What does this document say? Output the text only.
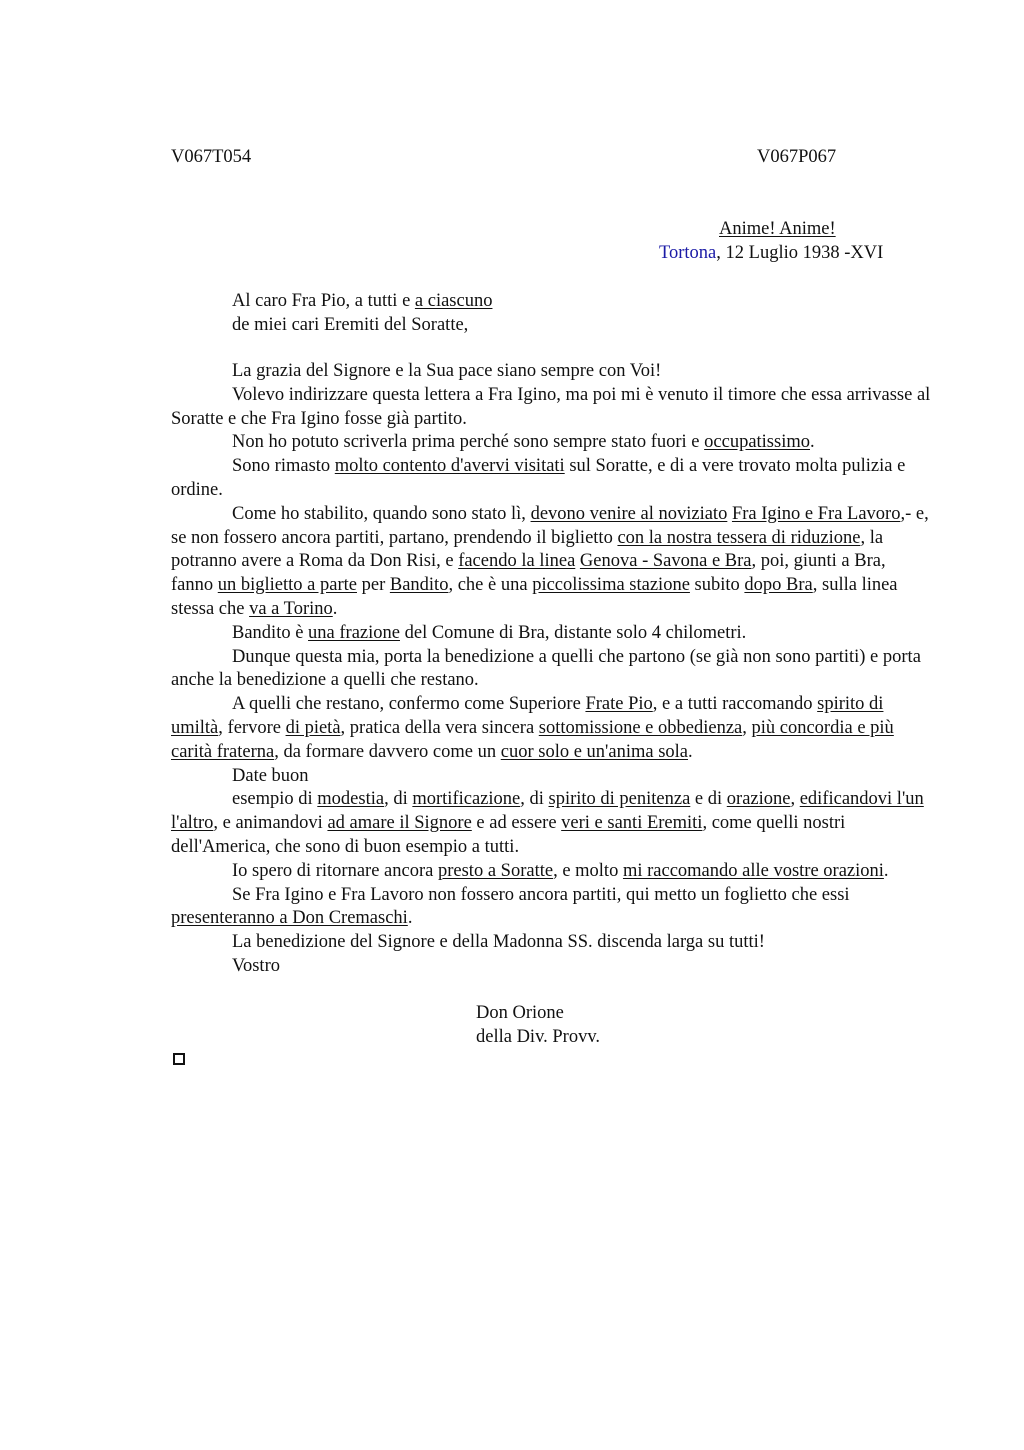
V067T054	V067P067
Anime! Anime!
Tortona, 12 Luglio 1938 -XVI
Al caro Fra Pio, a tutti e a ciascuno
de miei cari Eremiti del Soratte,

La grazia del Signore e la Sua pace siano sempre con Voi!

Volevo indirizzare questa lettera a Fra Igino, ma poi mi è venuto il timore che essa arrivasse al Soratte e che Fra Igino fosse già partito.

Non ho potuto scriverla prima perché sono sempre stato fuori e occupatissimo.

Sono rimasto molto contento d'avervi visitati sul Soratte, e di a vere trovato molta pulizia e ordine.

Come ho stabilito, quando sono stato lì, devono venire al noviziato Fra Igino e Fra Lavoro,- e, se non fossero ancora partiti, partano, prendendo il biglietto con la nostra tessera di riduzione, la potranno avere a Roma da Don Risi, e facendo la linea Genova - Savona e Bra, poi, giunti a Bra, fanno un biglietto a parte per Bandito, che è una piccolissima stazione subito dopo Bra, sulla linea stessa che va a Torino.

Bandito è una frazione del Comune di Bra, distante solo 4 chilometri.

Dunque questa mia, porta la benedizione a quelli che partono (se già non sono partiti) e porta anche la benedizione a quelli che restano.

A quelli che restano, confermo come Superiore Frate Pio, e a tutti raccomando spirito di umiltà, fervore di pietà, pratica della vera sincera sottomissione e obbedienza, più concordia e più carità fraterna, da formare davvero come un cuor solo e un'anima sola.

Date buon

esempio di modestia, di mortificazione, di spirito di penitenza e di orazione, edificandovi l'un l'altro, e animandovi ad amare il Signore e ad essere veri e santi Eremiti, come quelli nostri dell'America, che sono di buon esempio a tutti.

Io spero di ritornare ancora presto a Soratte, e molto mi raccomando alle vostre orazioni.

Se Fra Igino e Fra Lavoro non fossero ancora partiti, qui metto un foglietto che essi presenteranno a Don Cremaschi.

La benedizione del Signore e della Madonna SS. discenda larga su tutti!

Vostro

Don Orione
della Div. Provv.
